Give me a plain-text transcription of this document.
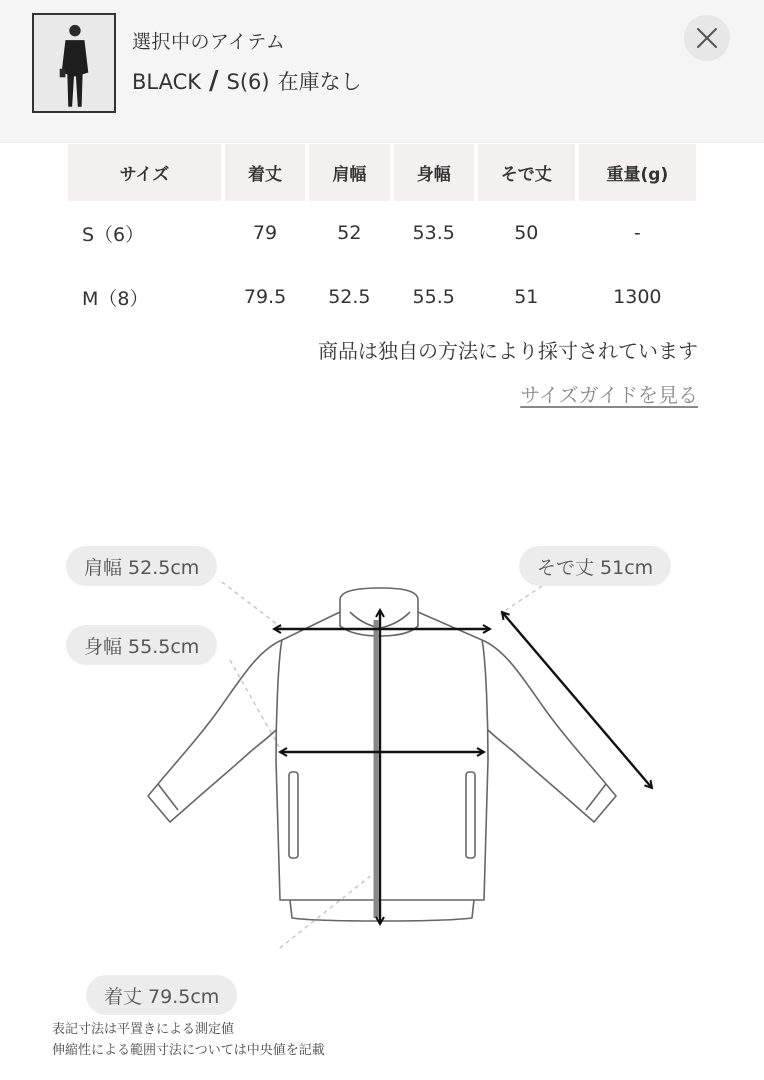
選択中のアイテム
BLACK / S(6) 在庫なし
サイズ	着丈	肩幅	身幅	そで丈	重量(g)
S（6）	79	52	53.5	50	-
M（8）	79.5	52.5	55.5	51	1300
商品は独自の方法により採寸されています
サイズガイドを見る
肩幅 52.5cm
身幅 55.5cm
そで丈 51cm
着丈 79.5cm
表記寸法は平置きによる測定値
伸縮性による範囲寸法については中央値を記載
